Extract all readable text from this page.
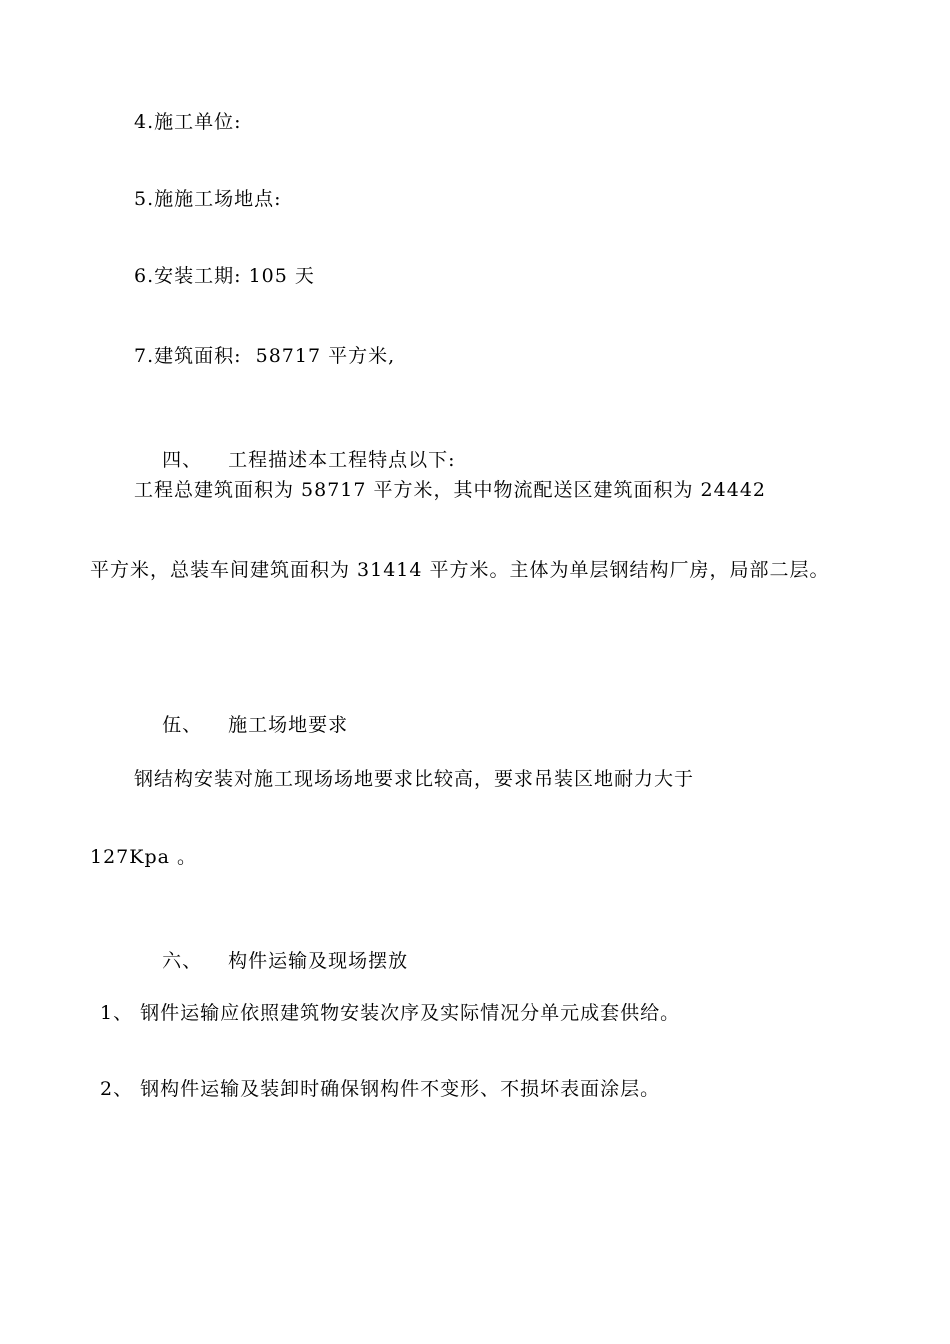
4.施工单位:
5.施施工场地点:
6.安装工期: 105 天
7.建筑面积:  58717 平方米,

四、 工程描述本工程特点以下:

工程总建筑面积为 58717 平方米，其中物流配送区建筑面积为 24442
平方米，总装车间建筑面积为 31414 平方米。主体为单层钢结构厂房，局部二层。

伍、 施工场地要求

钢结构安装对施工现场场地要求比较高，要求吊装区地耐力大于
127Kpa 。

六、 构件运输及现场摆放

1、 钢件运输应依照建筑物安装次序及实际情况分单元成套供给。
2、 钢构件运输及装卸时确保钢构件不变形、不损坏表面涂层。
